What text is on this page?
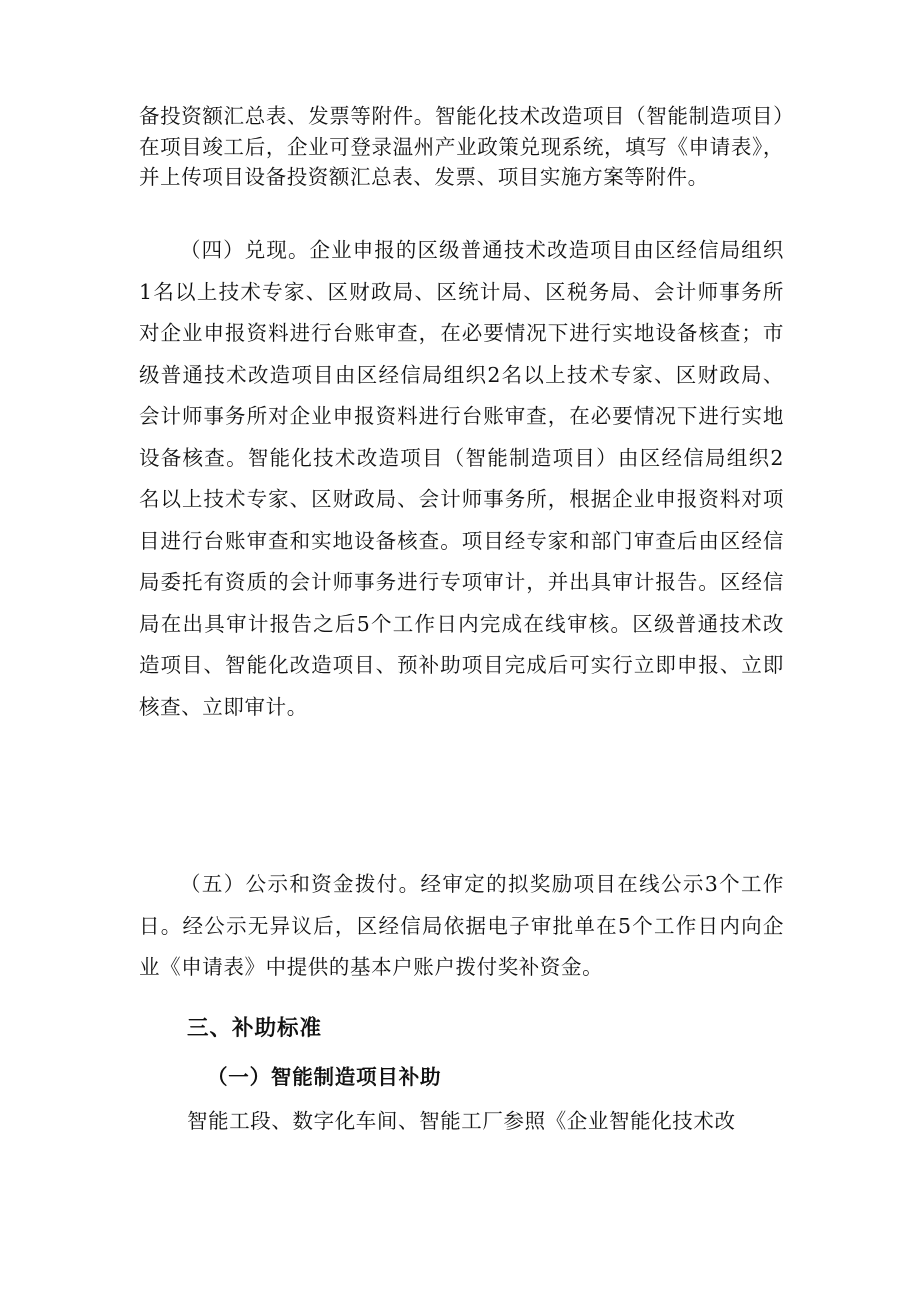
备投资额汇总表、发票等附件。智能化技术改造项目（智能制造项目）在项目竣工后，企业可登录温州产业政策兑现系统，填写《申请表》，并上传项目设备投资额汇总表、发票、项目实施方案等附件。

（四）兑现。企业申报的区级普通技术改造项目由区经信局组织1名以上技术专家、区财政局、区统计局、区税务局、会计师事务所对企业申报资料进行台账审查，在必要情况下进行实地设备核查；市级普通技术改造项目由区经信局组织2名以上技术专家、区财政局、会计师事务所对企业申报资料进行台账审查，在必要情况下进行实地设备核查。智能化技术改造项目（智能制造项目）由区经信局组织2名以上技术专家、区财政局、会计师事务所，根据企业申报资料对项目进行台账审查和实地设备核查。项目经专家和部门审查后由区经信局委托有资质的会计师事务进行专项审计，并出具审计报告。区经信局在出具审计报告之后5个工作日内完成在线审核。区级普通技术改造项目、智能化改造项目、预补助项目完成后可实行立即申报、立即核查、立即审计。

（五）公示和资金拨付。经审定的拟奖励项目在线公示3个工作日。经公示无异议后，区经信局依据电子审批单在5个工作日内向企业《申请表》中提供的基本户账户拨付奖补资金。

三、补助标准
（一）智能制造项目补助

智能工段、数字化车间、智能工厂参照《企业智能化技术改
